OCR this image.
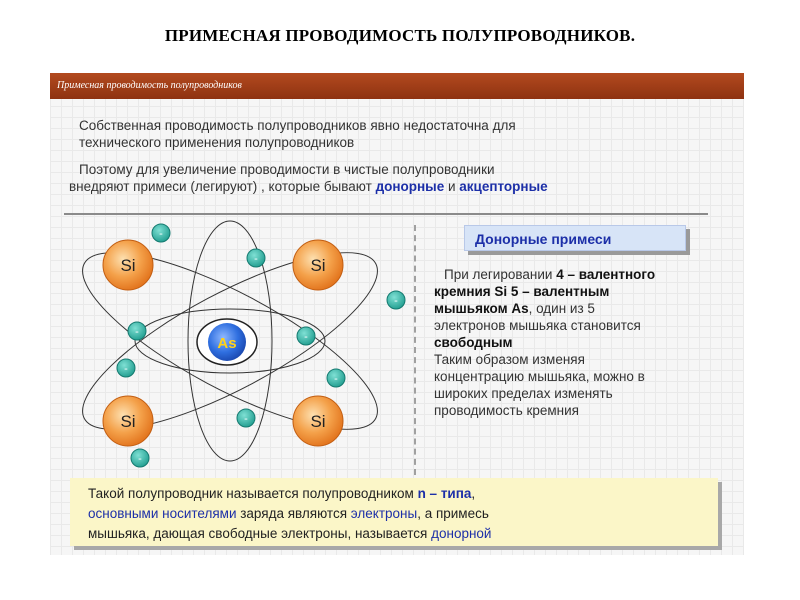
ПРИМЕСНАЯ ПРОВОДИМОСТЬ ПОЛУПРОВОДНИКОВ.
Примесная проводимость полупроводников
Собственная проводимость полупроводников явно недостаточна для
технического применения полупроводников
Поэтому для увеличение проводимости в чистые полупроводники
внедряют примеси (легируют) , которые бывают донорные и акцепторные
Si	Si
Si	Si
As
-
-
-
-	-
-
-
-
-
Донорные примеси
При легировании 4 – валентного
кремния Si 5 – валентным
мышьяком As, один из 5
электронов мышьяка становится
свободным
Таким образом изменяя
концентрацию мышьяка, можно в
широких пределах изменять
проводимость кремния
Такой полупроводник называется полупроводником n – типа,
основными носителями заряда являются электроны, а примесь
мышьяка, дающая свободные электроны, называется донорной
